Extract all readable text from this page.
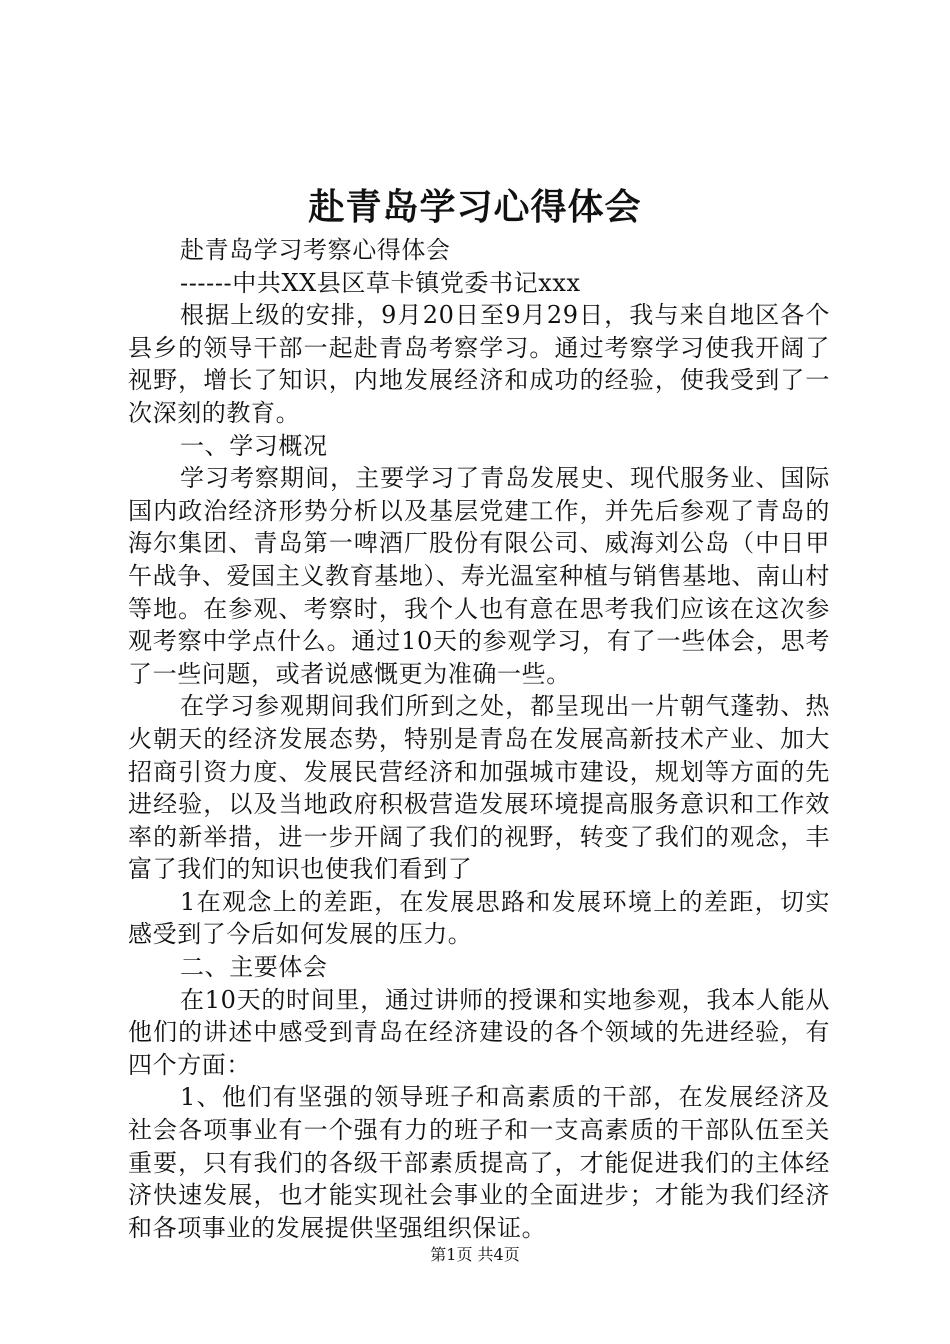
赴青岛学习心得体会

赴青岛学习考察心得体会

------中共XX县区草卡镇党委书记xxx

根据上级的安排，9月20日至9月29日，我与来自地区各个县乡的领导干部一起赴青岛考察学习。通过考察学习使我开阔了视野，增长了知识，内地发展经济和成功的经验，使我受到了一次深刻的教育。

一、学习概况

学习考察期间，主要学习了青岛发展史、现代服务业、国际国内政治经济形势分析以及基层党建工作，并先后参观了青岛的海尔集团、青岛第一啤酒厂股份有限公司、威海刘公岛（中日甲午战争、爱国主义教育基地）、寿光温室种植与销售基地、南山村等地。在参观、考察时，我个人也有意在思考我们应该在这次参观考察中学点什么。通过10天的参观学习，有了一些体会，思考了一些问题，或者说感慨更为准确一些。

在学习参观期间我们所到之处，都呈现出一片朝气蓬勃、热火朝天的经济发展态势，特别是青岛在发展高新技术产业、加大招商引资力度、发展民营经济和加强城市建设，规划等方面的先进经验，以及当地政府积极营造发展环境提高服务意识和工作效率的新举措，进一步开阔了我们的视野，转变了我们的观念，丰富了我们的知识也使我们看到了

1在观念上的差距，在发展思路和发展环境上的差距，切实感受到了今后如何发展的压力。

二、主要体会

在10天的时间里，通过讲师的授课和实地参观，我本人能从他们的讲述中感受到青岛在经济建设的各个领域的先进经验，有四个方面：

1、他们有坚强的领导班子和高素质的干部，在发展经济及社会各项事业有一个强有力的班子和一支高素质的干部队伍至关重要，只有我们的各级干部素质提高了，才能促进我们的主体经济快速发展，也才能实现社会事业的全面进步；才能为我们经济和各项事业的发展提供坚强组织保证。

第1页 共4页
